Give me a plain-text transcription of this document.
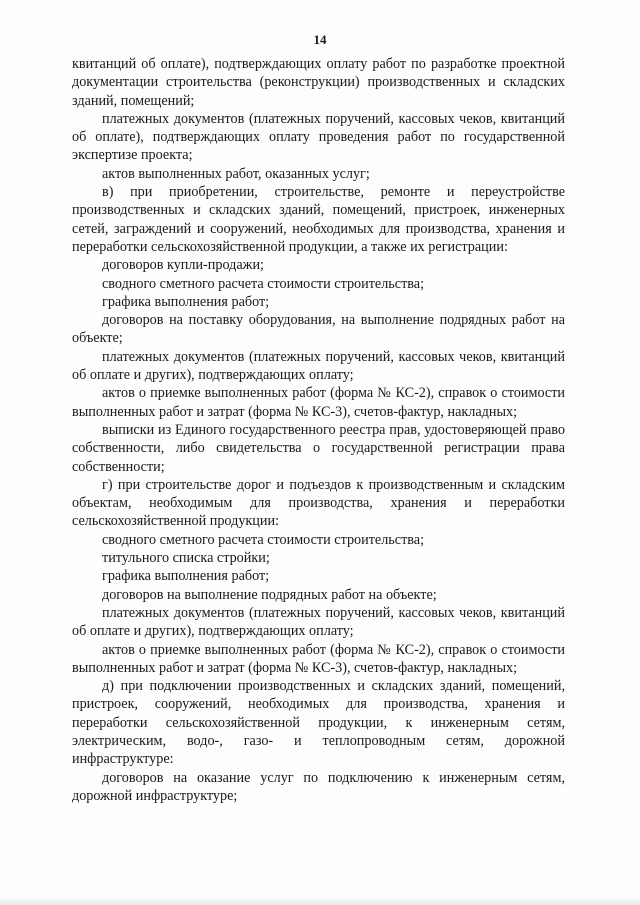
14

квитанций об оплате), подтверждающих оплату работ по разработке проектной документации строительства (реконструкции) производственных и складских зданий, помещений;

платежных документов (платежных поручений, кассовых чеков, квитанций об оплате), подтверждающих оплату проведения работ по государственной экспертизе проекта;

актов выполненных работ, оказанных услуг;

в) при приобретении, строительстве, ремонте и переустройстве производственных и складских зданий, помещений, пристроек, инженерных сетей, заграждений и сооружений, необходимых для производства, хранения и переработки сельскохозяйственной продукции, а также их регистрации:

договоров купли-продажи;

сводного сметного расчета стоимости строительства;

графика выполнения работ;

договоров на поставку оборудования, на выполнение подрядных работ на объекте;

платежных документов (платежных поручений, кассовых чеков, квитанций об оплате и других), подтверждающих оплату;

актов о приемке выполненных работ (форма № КС-2), справок о стоимости выполненных работ и затрат (форма № КС-3), счетов-фактур, накладных;

выписки из Единого государственного реестра прав, удостоверяющей право собственности, либо свидетельства о государственной регистрации права собственности;

г) при строительстве дорог и подъездов к производственным и складским объектам, необходимым для производства, хранения и переработки сельскохозяйственной продукции:

сводного сметного расчета стоимости строительства;

титульного списка стройки;

графика выполнения работ;

договоров на выполнение подрядных работ на объекте;

платежных документов (платежных поручений, кассовых чеков, квитанций об оплате и других), подтверждающих оплату;

актов о приемке выполненных работ (форма № КС-2), справок о стоимости выполненных работ и затрат (форма № КС-3), счетов-фактур, накладных;

д) при подключении производственных и складских зданий, помещений, пристроек, сооружений, необходимых для производства, хранения и переработки сельскохозяйственной продукции, к инженерным сетям, электрическим, водо-, газо- и теплопроводным сетям, дорожной инфраструктуре:

договоров на оказание услуг по подключению к инженерным сетям, дорожной инфраструктуре;
